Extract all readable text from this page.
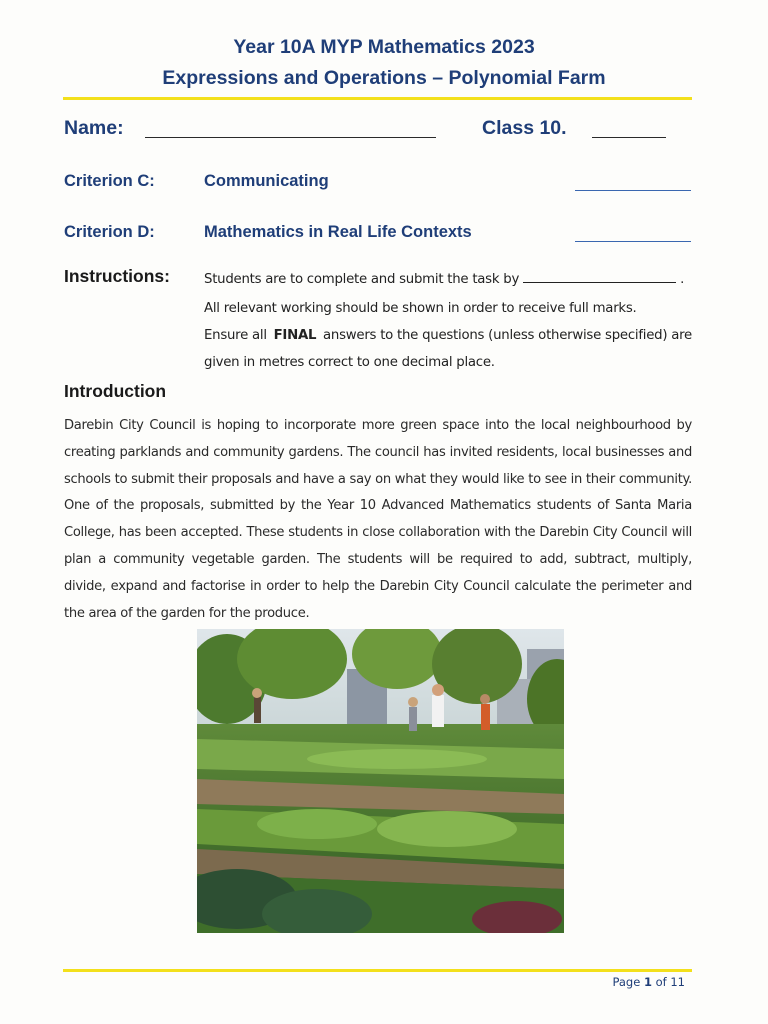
Year 10A MYP Mathematics 2023
Expressions and Operations – Polynomial Farm
Name:	Class 10.
Criterion C:	Communicating
Criterion D:	Mathematics in Real Life Contexts
Instructions:	Students are to complete and submit the task by	.
All relevant working should be shown in order to receive full marks.
Ensure all FINAL answers to the questions (unless otherwise specified) are
given in metres correct to one decimal place.
Introduction
Darebin City Council is hoping to incorporate more green space into the local neighbourhood by creating parklands and community gardens. The council has invited residents, local businesses and schools to submit their proposals and have a say on what they would like to see in their community. One of the proposals, submitted by the Year 10 Advanced Mathematics students of Santa Maria College, has been accepted. These students in close collaboration with the Darebin City Council will plan a community vegetable garden. The students will be required to add, subtract, multiply, divide, expand and factorise in order to help the Darebin City Council calculate the perimeter and the area of the garden for the produce.
Page 1 of 11
